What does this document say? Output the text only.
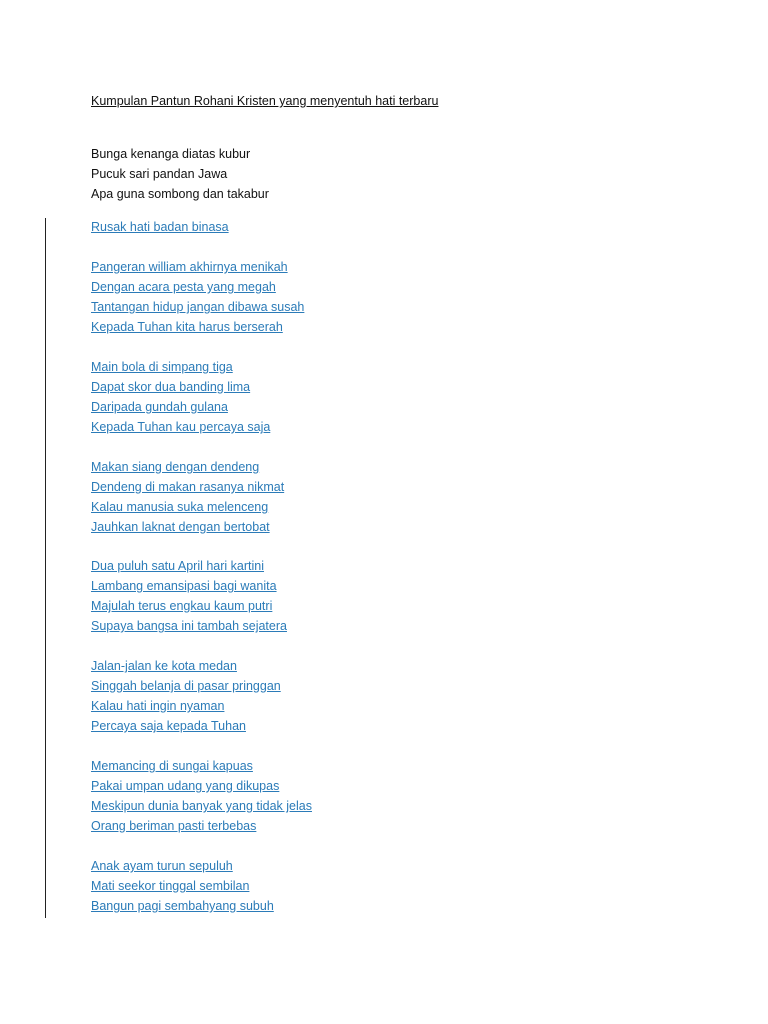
Kumpulan Pantun Rohani Kristen yang menyentuh hati terbaru
Bunga kenanga diatas kubur
Pucuk sari pandan Jawa
Apa guna sombong dan takabur
Rusak hati badan binasa
Pangeran william akhirnya menikah
Dengan acara pesta yang megah
Tantangan hidup jangan dibawa susah
Kepada Tuhan kita harus berserah
Main bola di simpang tiga
Dapat skor dua banding lima
Daripada gundah gulana
Kepada Tuhan kau percaya saja
Makan siang dengan dendeng
Dendeng di makan rasanya nikmat
Kalau manusia suka melenceng
Jauhkan laknat dengan bertobat
Dua puluh satu April hari kartini
Lambang emansipasi bagi wanita
Majulah terus engkau kaum putri
Supaya bangsa ini tambah sejatera
Jalan-jalan ke kota medan
Singgah belanja di pasar pringgan
Kalau hati ingin nyaman
Percaya saja kepada Tuhan
Memancing di sungai kapuas
Pakai umpan udang yang dikupas
Meskipun dunia banyak yang tidak jelas
Orang beriman pasti terbebas
Anak ayam turun sepuluh
Mati seekor tinggal sembilan
Bangun pagi sembahyang subuh
